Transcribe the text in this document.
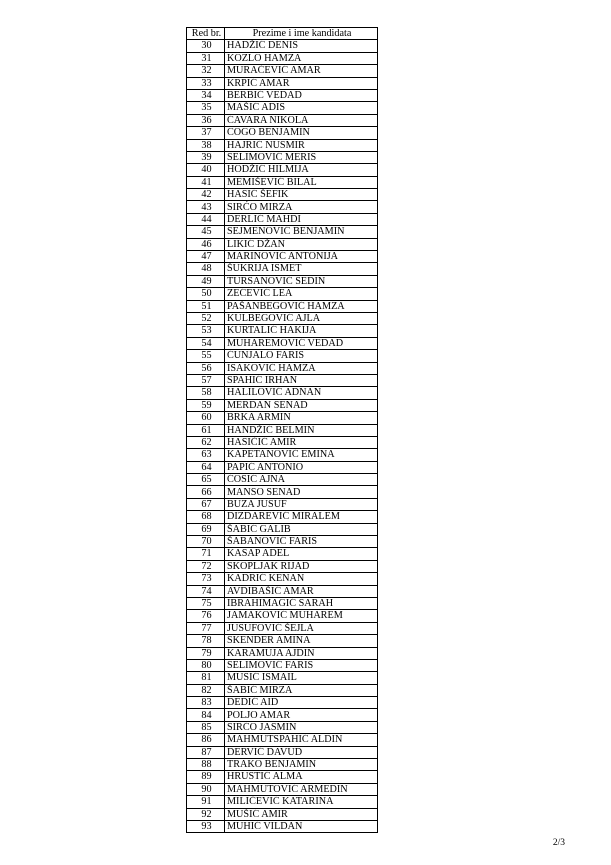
Red br.	Prezime i ime kandidata
30	HADŽIĆ DENIS
31	KOZLO HAMZA
32	MURAČEVIĆ AMAR
33	KRPIĆ AMAR
34	BERBIĆ VEDAD
35	MAŠIĆ ADIS
36	ĆAVARA NIKOLA
37	COGO BENJAMIN
38	HAJRIĆ NUSMIR
39	SELIMOVIĆ MERIS
40	HODŽIĆ HILMIJA
41	MEMIŠEVIĆ BILAL
42	HASIĆ ŠEFIK
43	SIRĆO MIRZA
44	DERLIĆ MAHDI
45	SEJMENOVIĆ BENJAMIN
46	LIKIĆ DŽAN
47	MARINOVIĆ ANTONIJA
48	ŠUKRIJA ISMET
49	TURSANOVIĆ SEDIN
50	ZEĆEVIĆ LEA
51	PAŠANBEGOVIĆ HAMZA
52	KULBEGOVIĆ AJLA
53	KURTALIĆ HAKIJA
54	MUHAREMOVIĆ VEDAD
55	ĆUNJALO FARIS
56	ISAKOVIĆ HAMZA
57	SPAHIĆ IRHAN
58	HALILOVIĆ ADNAN
59	MERDAN SENAD
60	BRKA ARMIN
61	HANDŽIĆ BELMIN
62	HASIČIĆ AMIR
63	KAPETANOVIĆ EMINA
64	PAPIĆ ANTONIO
65	ĆOSIĆ AJNA
66	MANSO SENAD
67	BUZA JUSUF
68	DIZDAREVIĆ MIRALEM
69	ŠABIĆ GALIB
70	ŠABANOVIĆ FARIS
71	KASAP ADEL
72	SKOPLJAK RIJAD
73	KADRIĆ KENAN
74	AVDIBAŠIĆ AMAR
75	IBRAHIMAGIĆ SARAH
76	JAMAKOVIĆ MUHAREM
77	JUSUFOVIĆ ŠEJLA
78	SKENDER AMINA
79	KARAMUJA AJDIN
80	SELIMOVIĆ FARIS
81	MUSIĆ ISMAIL
82	ŠABIĆ MIRZA
83	DEDIĆ AID
84	POLJO AMAR
85	SIRĆO JASMIN
86	MAHMUTSPAHIĆ ALDIN
87	DERVIĆ DAVUD
88	TRAKO BENJAMIN
89	HRUSTIĆ ALMA
90	MAHMUTOVIĆ ARMEDIN
91	MILIČEVIĆ KATARINA
92	MUŠIĆ AMIR
93	MUHIĆ VILDAN
2/3
